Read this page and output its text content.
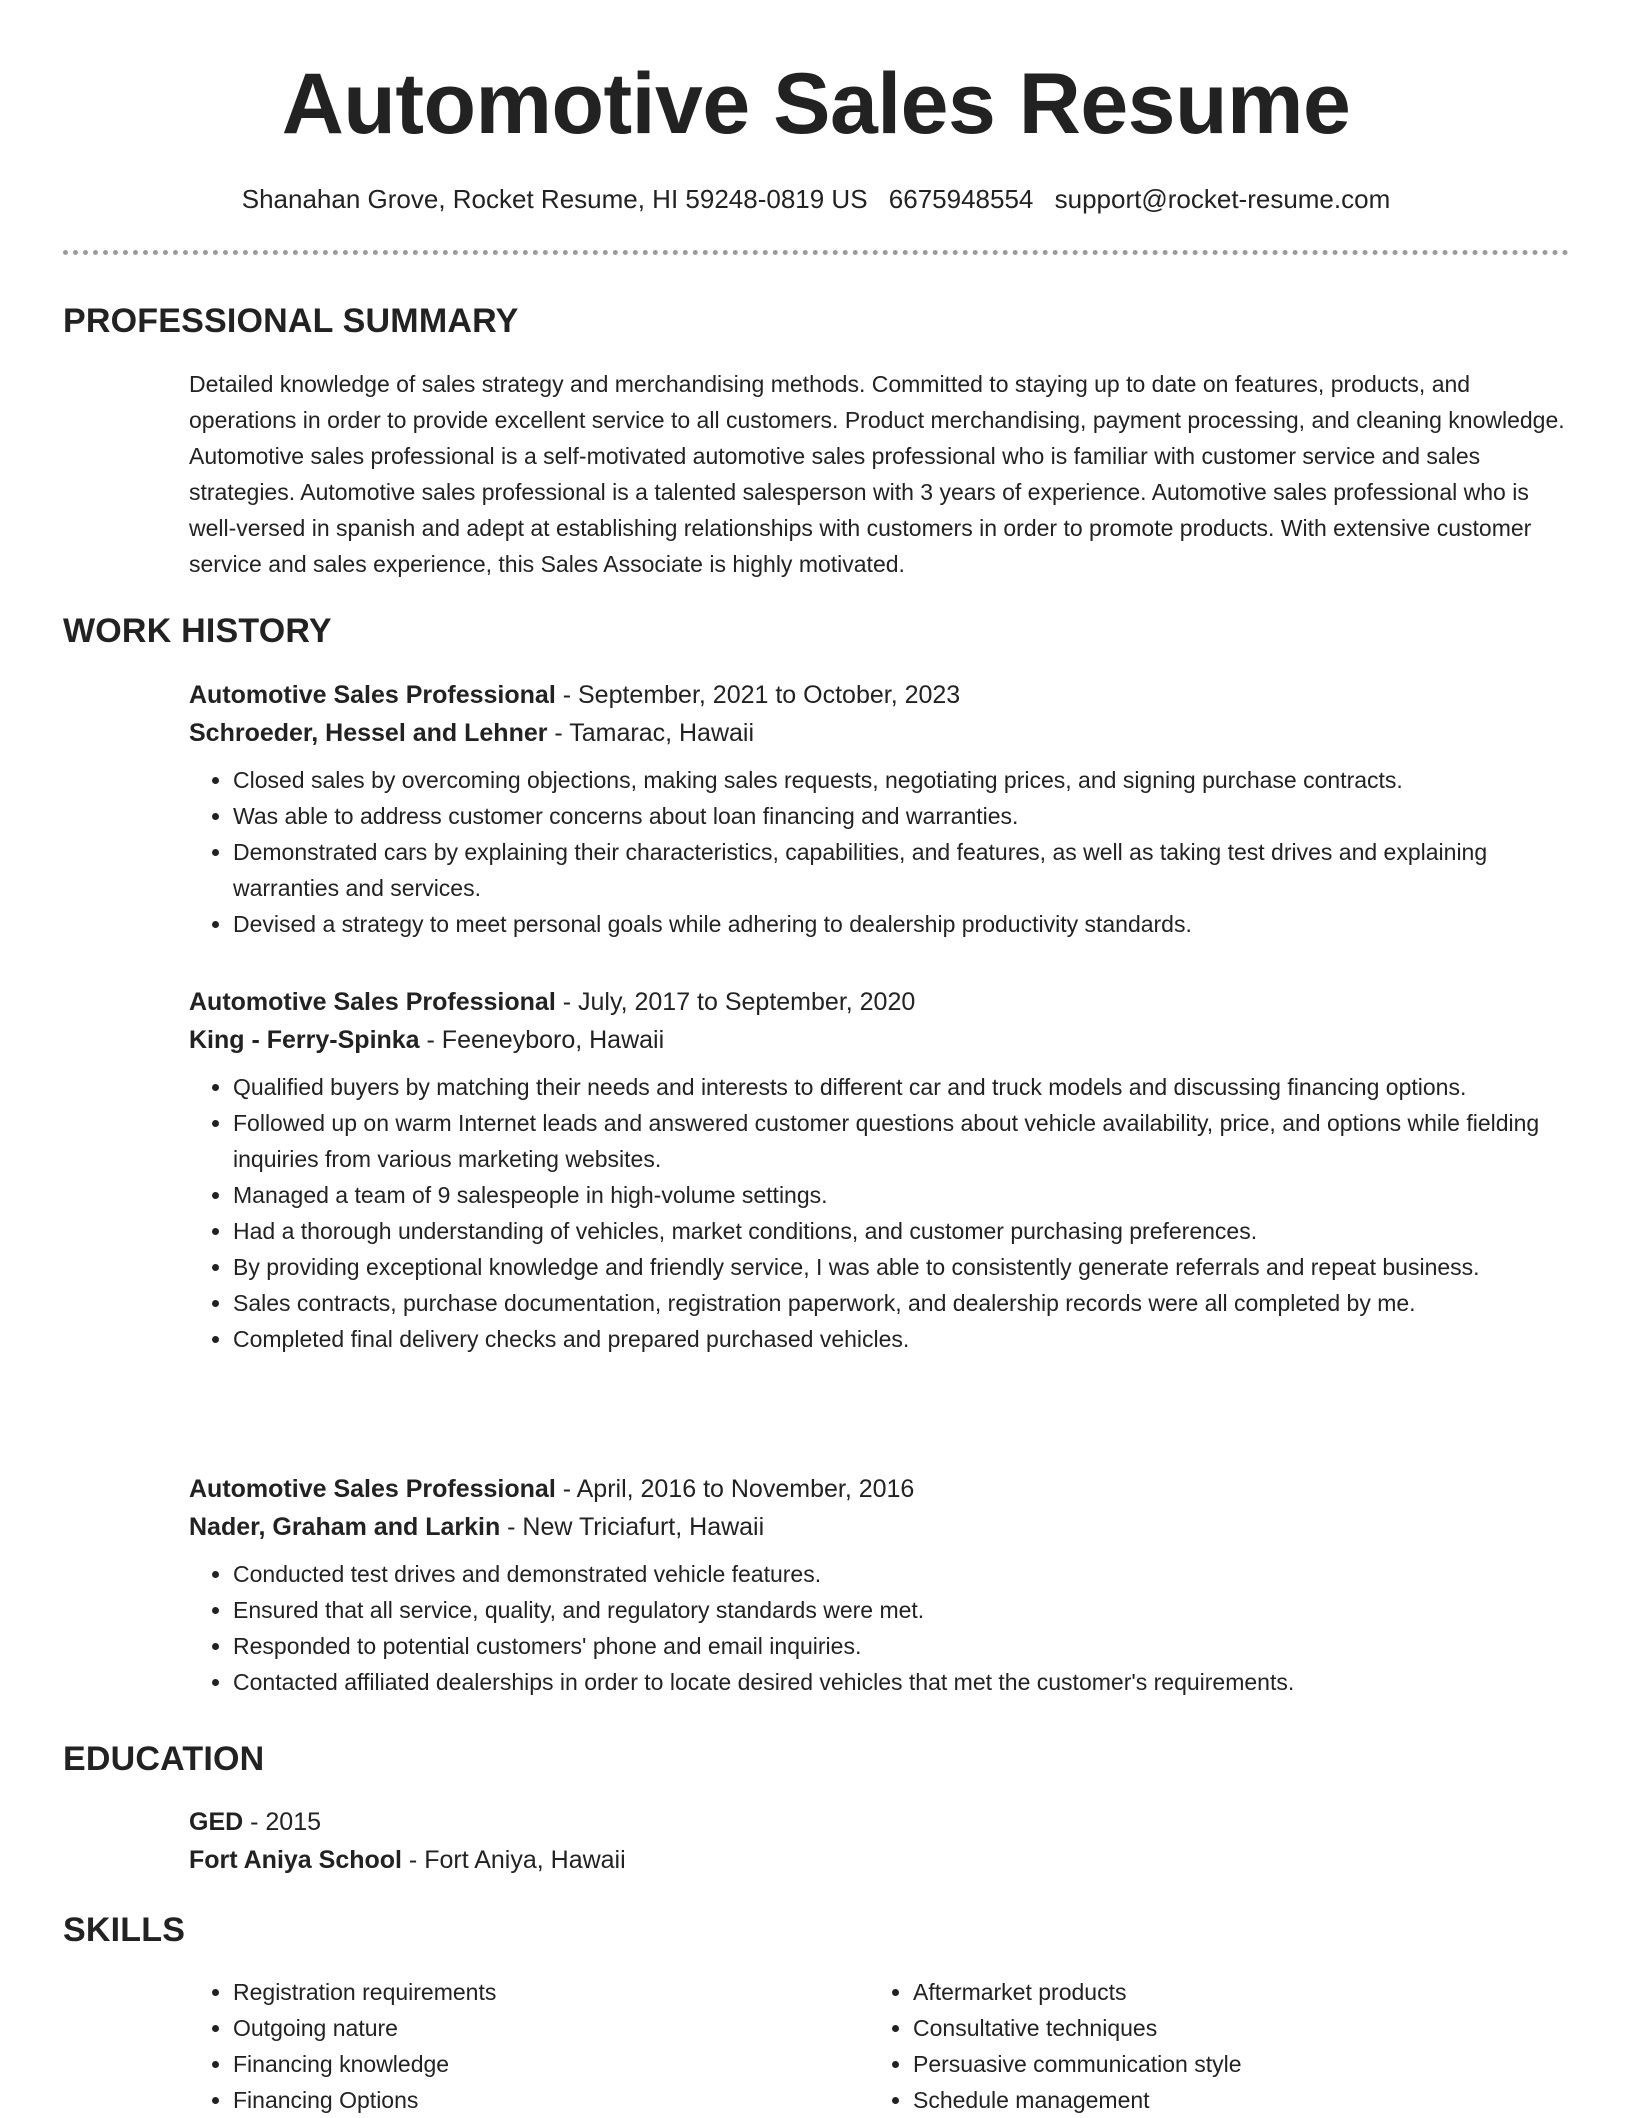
Automotive Sales Resume
Shanahan Grove, Rocket Resume, HI 59248-0819 US 6675948554 support@rocket-resume.com
PROFESSIONAL SUMMARY

Detailed knowledge of sales strategy and merchandising methods. Committed to staying up to date on features, products, and operations in order to provide excellent service to all customers. Product merchandising, payment processing, and cleaning knowledge. Automotive sales professional is a self-motivated automotive sales professional who is familiar with customer service and sales strategies. Automotive sales professional is a talented salesperson with 3 years of experience. Automotive sales professional who is well-versed in spanish and adept at establishing relationships with customers in order to promote products. With extensive customer service and sales experience, this Sales Associate is highly motivated.

WORK HISTORY

Automotive Sales Professional - September, 2021 to October, 2023

Schroeder, Hessel and Lehner - Tamarac, Hawaii

• Closed sales by overcoming objections, making sales requests, negotiating prices, and signing purchase contracts.
• Was able to address customer concerns about loan financing and warranties.
• Demonstrated cars by explaining their characteristics, capabilities, and features, as well as taking test drives and explaining warranties and services.
• Devised a strategy to meet personal goals while adhering to dealership productivity standards.

Automotive Sales Professional - July, 2017 to September, 2020

King - Ferry-Spinka - Feeneyboro, Hawaii

• Qualified buyers by matching their needs and interests to different car and truck models and discussing financing options.
• Followed up on warm Internet leads and answered customer questions about vehicle availability, price, and options while fielding inquiries from various marketing websites.
• Managed a team of 9 salespeople in high-volume settings.
• Had a thorough understanding of vehicles, market conditions, and customer purchasing preferences.
• By providing exceptional knowledge and friendly service, I was able to consistently generate referrals and repeat business.
• Sales contracts, purchase documentation, registration paperwork, and dealership records were all completed by me.
• Completed final delivery checks and prepared purchased vehicles.

Automotive Sales Professional - April, 2016 to November, 2016

Nader, Graham and Larkin - New Triciafurt, Hawaii

• Conducted test drives and demonstrated vehicle features.
• Ensured that all service, quality, and regulatory standards were met.
• Responded to potential customers' phone and email inquiries.
• Contacted affiliated dealerships in order to locate desired vehicles that met the customer's requirements.
EDUCATION

GED - 2015

Fort Aniya School - Fort Aniya, Hawaii

SKILLS
• Registration requirements
• Outgoing nature
• Financing knowledge
• Financing Options
• Aftermarket products
• Consultative techniques
• Persuasive communication style
• Schedule management
